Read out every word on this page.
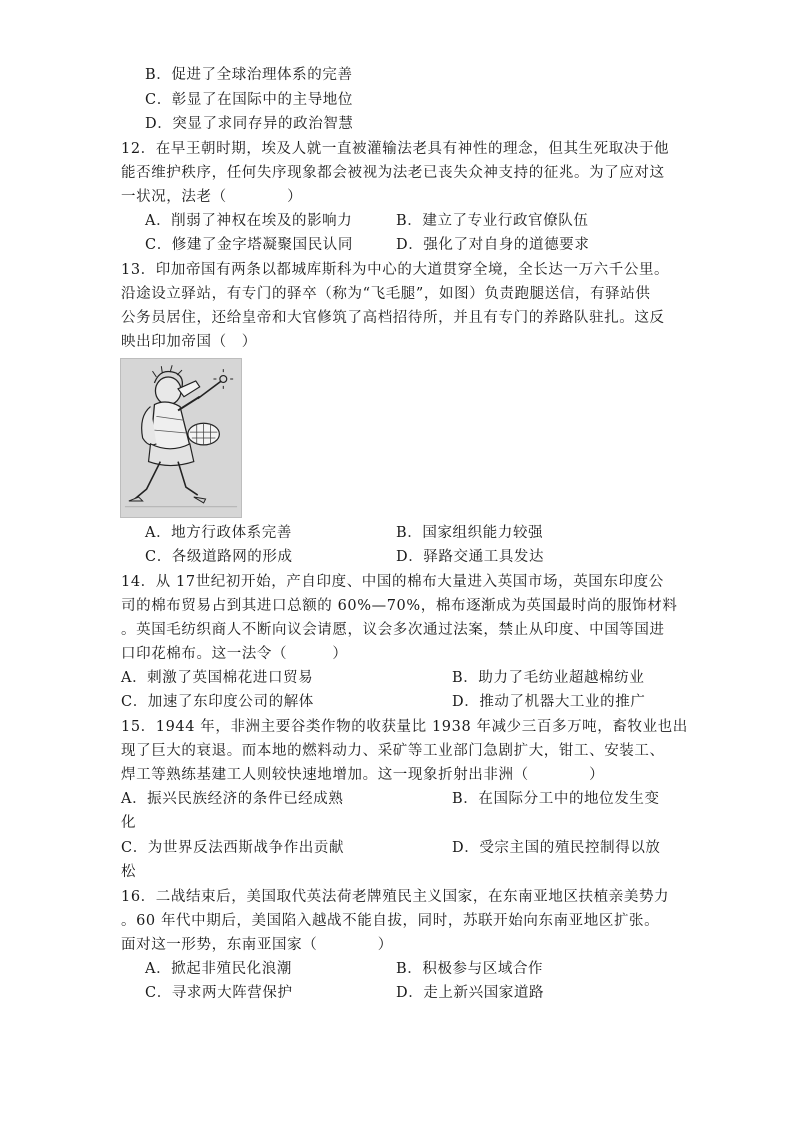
B．促进了全球治理体系的完善
C．彰显了在国际中的主导地位
D．突显了求同存异的政治智慧
12．在早王朝时期，埃及人就一直被灌输法老具有神性的理念，但其生死取决于他
能否维护秩序，任何失序现象都会被视为法老已丧失众神支持的征兆。为了应对这
一状况，法老（　　　　）
A．削弱了神权在埃及的影响力	B．建立了专业行政官僚队伍
C．修建了金字塔凝聚国民认同	D．强化了对自身的道德要求
13．印加帝国有两条以都城库斯科为中心的大道贯穿全境，全长达一万六千公里。
沿途设立驿站，有专门的驿卒（称为“飞毛腿”，如图）负责跑腿送信，有驿站供
公务员居住，还给皇帝和大官修筑了高档招待所，并且有专门的养路队驻扎。这反
映出印加帝国（　）
A．地方行政体系完善	B．国家组织能力较强
C．各级道路网的形成	D．驿路交通工具发达
14．从 17世纪初开始，产自印度、中国的棉布大量进入英国市场，英国东印度公
司的棉布贸易占到其进口总额的 60%—70%，棉布逐渐成为英国最时尚的服饰材料
。英国毛纺织商人不断向议会请愿，议会多次通过法案，禁止从印度、中国等国进
口印花棉布。这一法令（　　　）
A．刺激了英国棉花进口贸易	B．助力了毛纺业超越棉纺业
C．加速了东印度公司的解体	D．推动了机器大工业的推广
15．1944 年，非洲主要谷类作物的收获量比 1938 年减少三百多万吨，畜牧业也出
现了巨大的衰退。而本地的燃料动力、采矿等工业部门急剧扩大，钳工、安装工、
焊工等熟练基建工人则较快速地增加。这一现象折射出非洲（　　　　）
A．振兴民族经济的条件已经成熟	B．在国际分工中的地位发生变
化
C．为世界反法西斯战争作出贡献	D．受宗主国的殖民控制得以放
松
16．二战结束后，美国取代英法荷老牌殖民主义国家，在东南亚地区扶植亲美势力
。60 年代中期后，美国陷入越战不能自拔，同时，苏联开始向东南亚地区扩张。
面对这一形势，东南亚国家（　　　　）
A．掀起非殖民化浪潮	B．积极参与区域合作
C．寻求两大阵营保护	D．走上新兴国家道路
